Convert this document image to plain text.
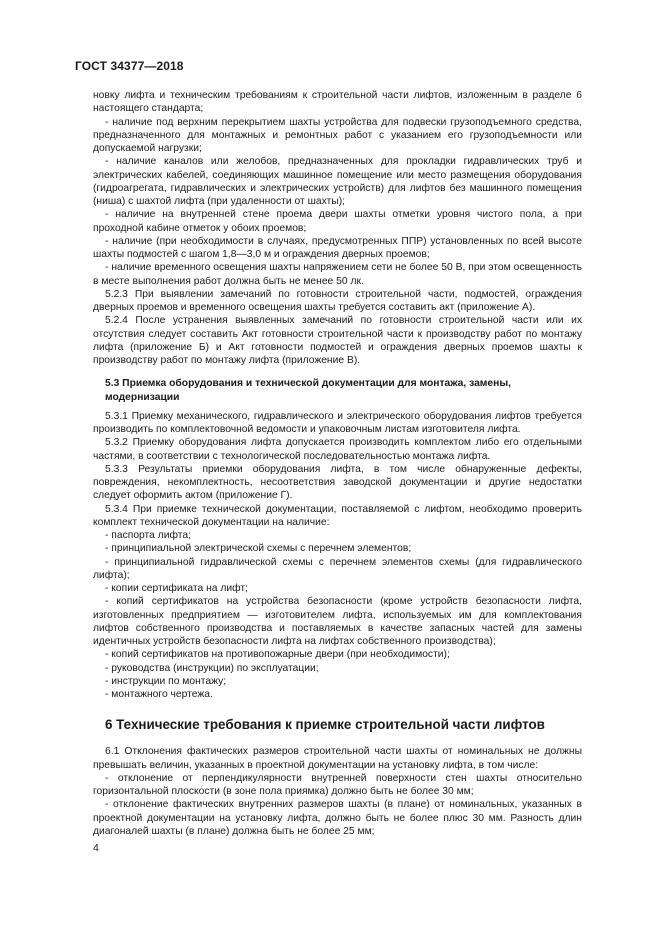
ГОСТ 34377—2018

новку лифта и техническим требованиям к строительной части лифтов, изложенным в разделе 6 настоящего стандарта;

- наличие под верхним перекрытием шахты устройства для подвески грузоподъемного средства, предназначенного для монтажных и ремонтных работ с указанием его грузоподъемности или допускаемой нагрузки;

- наличие каналов или желобов, предназначенных для прокладки гидравлических труб и электрических кабелей, соединяющих машинное помещение или место размещения оборудования (гидроагрегата, гидравлических и электрических устройств) для лифтов без машинного помещения (ниша) с шахтой лифта (при удаленности от шахты);

- наличие на внутренней стене проема двери шахты отметки уровня чистого пола, а при проходной кабине отметок у обоих проемов;

- наличие (при необходимости в случаях, предусмотренных ППР) установленных по всей высоте шахты подмостей с шагом 1,8—3,0 м и ограждения дверных проемов;

- наличие временного освещения шахты напряжением сети не более 50 В, при этом освещенность в месте выполнения работ должна быть не менее 50 лк.

5.2.3 При выявлении замечаний по готовности строительной части, подмостей, ограждения дверных проемов и временного освещения шахты требуется составить акт (приложение А).

5.2.4 После устранения выявленных замечаний по готовности строительной части или их отсутствия следует составить Акт готовности строительной части к производству работ по монтажу лифта (приложение Б) и Акт готовности подмостей и ограждения дверных проемов шахты к производству работ по монтажу лифта (приложение В).

5.3 Приемка оборудования и технической документации для монтажа, замены, модернизации

5.3.1 Приемку механического, гидравлического и электрического оборудования лифтов требуется производить по комплектовочной ведомости и упаковочным листам изготовителя лифта.

5.3.2 Приемку оборудования лифта допускается производить комплектом либо его отдельными частями, в соответствии с технологической последовательностью монтажа лифта.

5.3.3 Результаты приемки оборудования лифта, в том числе обнаруженные дефекты, повреждения, некомплектность, несоответствия заводской документации и другие недостатки следует оформить актом (приложение Г).

5.3.4 При приемке технической документации, поставляемой с лифтом, необходимо проверить комплект технической документации на наличие:

- паспорта лифта;

- принципиальной электрической схемы с перечнем элементов;

- принципиальной гидравлической схемы с перечнем элементов схемы (для гидравлического лифта);

- копии сертификата на лифт;

- копий сертификатов на устройства безопасности (кроме устройств безопасности лифта, изготовленных предприятием — изготовителем лифта, используемых им для комплектования лифтов собственного производства и поставляемых в качестве запасных частей для замены идентичных устройств безопасности лифта на лифтах собственного производства);

- копий сертификатов на противопожарные двери (при необходимости);

- руководства (инструкции) по эксплуатации;

- инструкции по монтажу;

- монтажного чертежа.

6 Технические требования к приемке строительной части лифтов

6.1 Отклонения фактических размеров строительной части шахты от номинальных не должны превышать величин, указанных в проектной документации на установку лифта, в том числе:

- отклонение от перпендикулярности внутренней поверхности стен шахты относительно горизонтальной плоскости (в зоне пола приямка) должно быть не более 30 мм;

- отклонение фактических внутренних размеров шахты (в плане) от номинальных, указанных в проектной документации на установку лифта, должно быть не более плюс 30 мм. Разность длин диагоналей шахты (в плане) должна быть не более 25 мм;

4
